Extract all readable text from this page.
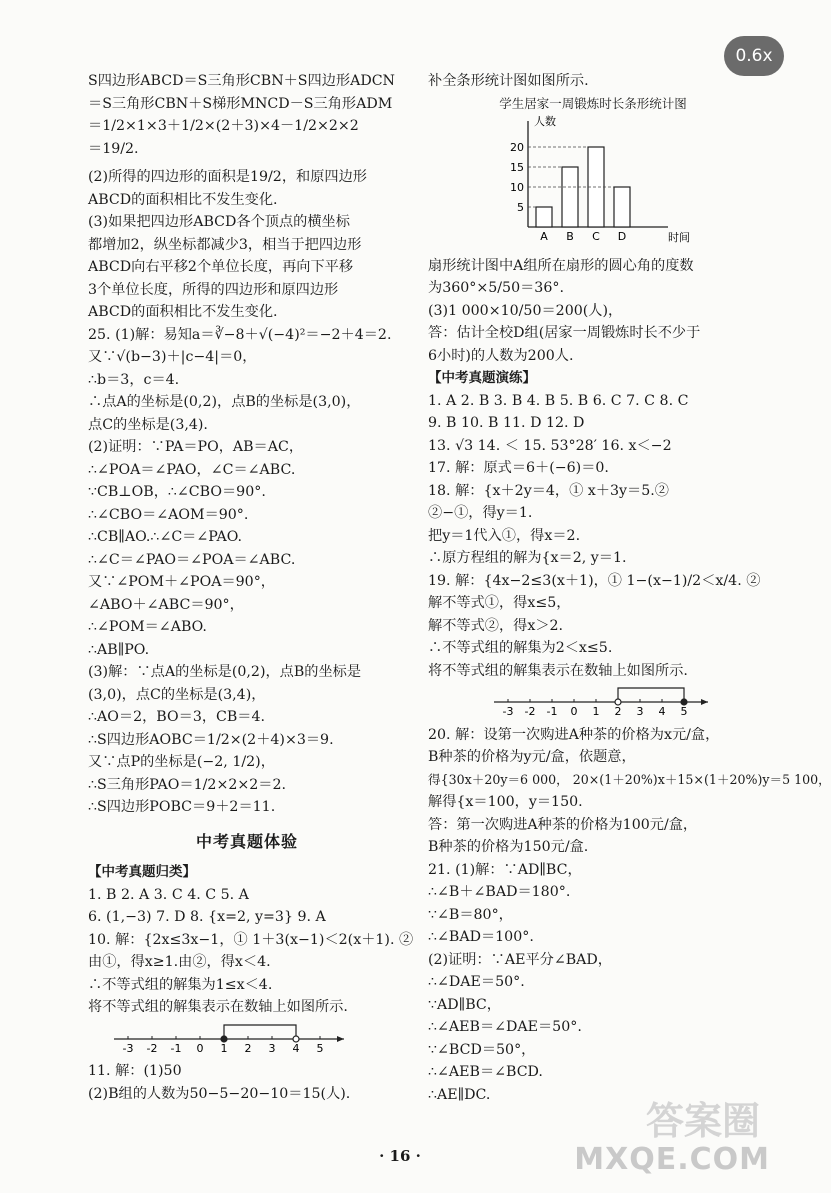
0.6x
S四边形ABCD＝S三角形CBN＋S四边形ADCN
＝S三角形CBN＋S梯形MNCD－S三角形ADM
＝1/2×1×3＋1/2×(2＋3)×4－1/2×2×2
＝19/2.
(2)所得的四边形的面积是19/2，和原四边形
ABCD的面积相比不发生变化.
(3)如果把四边形ABCD各个顶点的横坐标
都增加2，纵坐标都减少3，相当于把四边形
ABCD向右平移2个单位长度，再向下平移
3个单位长度，所得的四边形和原四边形
ABCD的面积相比不发生变化.
25. (1)解：易知a＝∛−8＋√(−4)²＝−2＋4＝2.
又∵√(b−3)＋|c−4|＝0，
∴b＝3，c＝4.
∴点A的坐标是(0,2)，点B的坐标是(3,0)，
点C的坐标是(3,4).
(2)证明：∵PA＝PO，AB＝AC，
∴∠POA＝∠PAO，∠C＝∠ABC.
∵CB⊥OB，∴∠CBO＝90°.
∴∠CBO＝∠AOM＝90°.
∴CB∥AO.∴∠C＝∠PAO.
∴∠C＝∠PAO＝∠POA＝∠ABC.
又∵∠POM＋∠POA＝90°，
∠ABO＋∠ABC＝90°，
∴∠POM＝∠ABO.
∴AB∥PO.
(3)解：∵点A的坐标是(0,2)，点B的坐标是
(3,0)，点C的坐标是(3,4)，
∴AO＝2，BO＝3，CB＝4.
∴S四边形AOBC＝1/2×(2＋4)×3＝9.
又∵点P的坐标是(−2, 1/2)，
∴S三角形PAO＝1/2×2×2＝2.
∴S四边形POBC＝9＋2＝11.
中考真题体验
【中考真题归类】
1. B 2. A 3. C 4. C 5. A
6. (1,−3) 7. D 8. {x=2, y=3} 9. A
10. 解：{2x≤3x−1，① 1＋3(x−1)＜2(x＋1). ②
由①，得x≥1.由②，得x＜4.
∴不等式组的解集为1≤x＜4.
将不等式组的解集表示在数轴上如图所示.
-3 -2 -1 0 1 2 3 4 5
11. 解：(1)50
(2)B组的人数为50−5−20−10＝15(人).
补全条形统计图如图所示.
学生居家一周锻炼时长条形统计图
人数
时间
5
10
15
20
A B C D
扇形统计图中A组所在扇形的圆心角的度数
为360°×5/50＝36°.
(3)1 000×10/50＝200(人)，
答：估计全校D组(居家一周锻炼时长不少于
6小时)的人数为200人.
【中考真题演练】
1. A 2. B 3. B 4. B 5. B 6. C 7. C 8. C
9. B 10. B 11. D 12. D
13. √3 14. ＜ 15. 53°28′ 16. x＜−2
17. 解：原式＝6＋(−6)＝0.
18. 解：{x＋2y＝4，① x＋3y＝5.②
②−①，得y＝1.
把y＝1代入①，得x＝2.
∴原方程组的解为{x＝2, y＝1.
19. 解：{4x−2≤3(x＋1)，① 1−(x−1)/2＜x/4. ②
解不等式①，得x≤5，
解不等式②，得x＞2.
∴不等式组的解集为2＜x≤5.
将不等式组的解集表示在数轴上如图所示.
-3 -2 -1 0 1 2 3 4 5
20. 解：设第一次购进A种茶的价格为x元/盒，
B种茶的价格为y元/盒，依题意，
得{30x＋20y＝6 000， 20×(1＋20%)x＋15×(1＋20%)y＝5 100，
解得{x＝100，y＝150.
答：第一次购进A种茶的价格为100元/盒，
B种茶的价格为150元/盒.
21. (1)解：∵AD∥BC，
∴∠B＋∠BAD＝180°.
∵∠B＝80°，
∴∠BAD＝100°.
(2)证明：∵AE平分∠BAD，
∴∠DAE＝50°.
∵AD∥BC，
∴∠AEB＝∠DAE＝50°.
∵∠BCD＝50°，
∴∠AEB＝∠BCD.
∴AE∥DC.
· 16 ·
答案圈
MXQE.COM
